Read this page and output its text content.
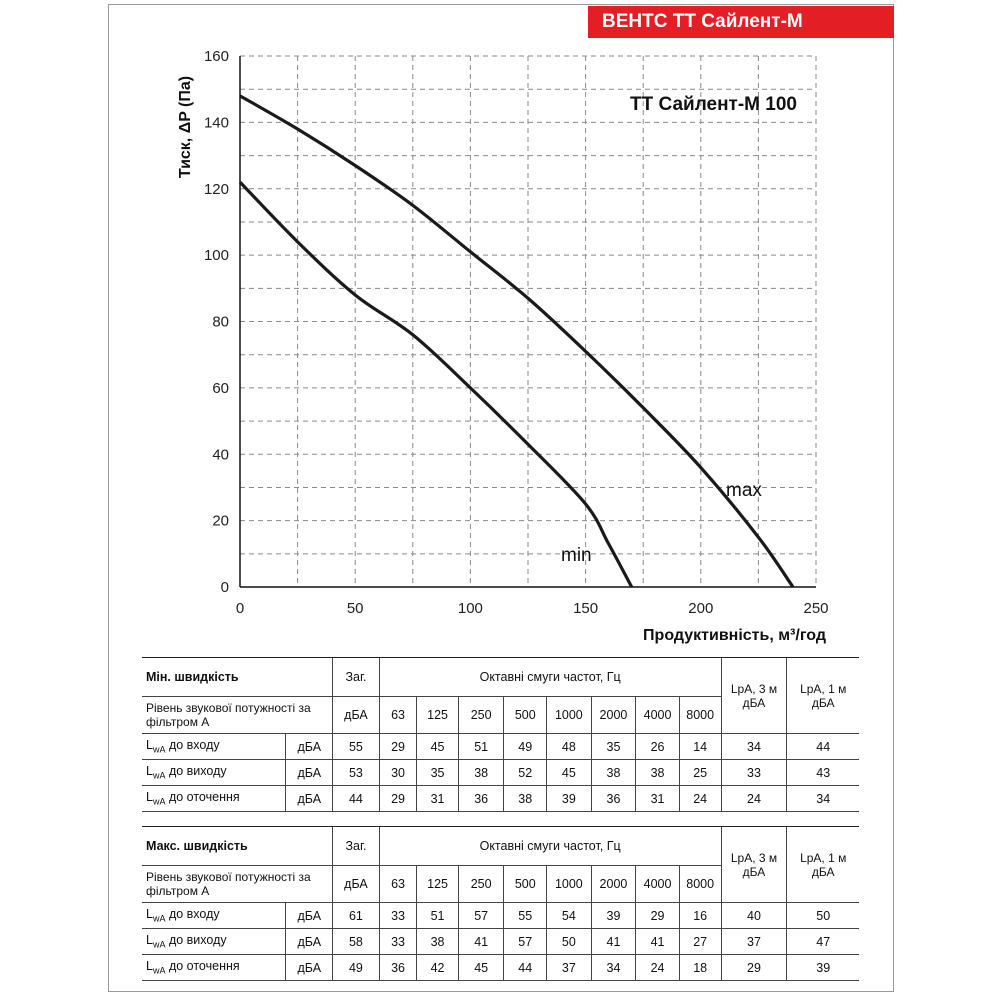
ВЕНТС ТТ Сайлент-М
0	50	100	150	200	250
0
20
40
60
80
100
120
140
160
max
min
ТТ Сайлент-М 100
Продуктивність, м³/год
Тиск, ΔP (Па)
Мін. швидкість		Заг.	Октавні смуги частот, Гц								LpA, 3 м дБА	LpA, 1 м дБА
Рівень звукової потужності за фільтром А		дБА	63	125	250	500	1000	2000	4000	8000		
$L_{wA}$ до входу	дБА	55	29	45	51	49	48	35	26	14	34	44
$L_{wA}$ до виходу	дБА	53	30	35	38	52	45	38	38	25	33	43
$L_{wA}$ до оточення	дБА	44	29	31	36	38	39	36	31	24	24	34
Макс. швидкість		Заг.	Октавні смуги частот, Гц								LpA, 3 м дБА	LpA, 1 м дБА
Рівень звукової потужності за фільтром А		дБА	63	125	250	500	1000	2000	4000	8000		
$L_{wA}$ до входу	дБА	61	33	51	57	55	54	39	29	16	40	50
$L_{wA}$ до виходу	дБА	58	33	38	41	57	50	41	41	27	37	47
$L_{wA}$ до оточення	дБА	49	36	42	45	44	37	34	24	18	29	39
